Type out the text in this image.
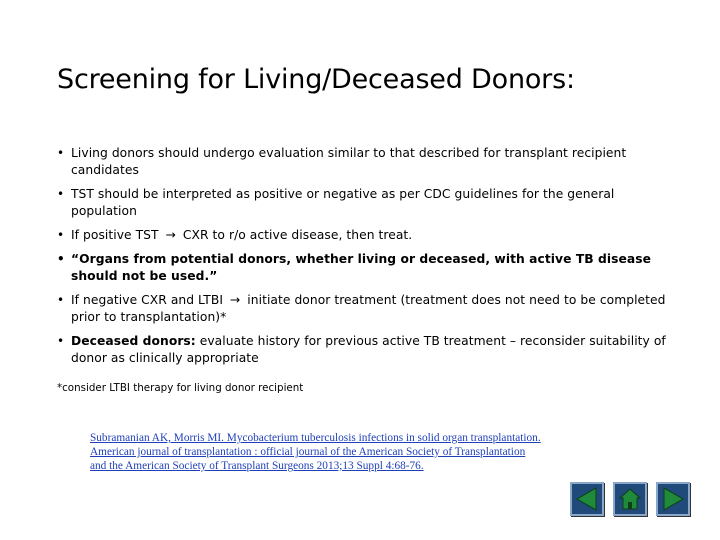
Screening for Living/Deceased Donors:
• Living donors should undergo evaluation similar to that described for transplant recipient candidates
• TST should be interpreted as positive or negative as per CDC guidelines for the general population
• If positive TST → CXR to r/o active disease, then treat.
• “Organs from potential donors, whether living or deceased, with active TB disease should not be used.”
• If negative CXR and LTBI → initiate donor treatment (treatment does not need to be completed prior to transplantation)*
• Deceased donors: evaluate history for previous active TB treatment – reconsider suitability of donor as clinically appropriate
*consider LTBI therapy for living donor recipient
Subramanian AK, Morris MI. Mycobacterium tuberculosis infections in solid organ transplantation.
American journal of transplantation : official journal of the American Society of Transplantation
and the American Society of Transplant Surgeons 2013;13 Suppl 4:68-76.
